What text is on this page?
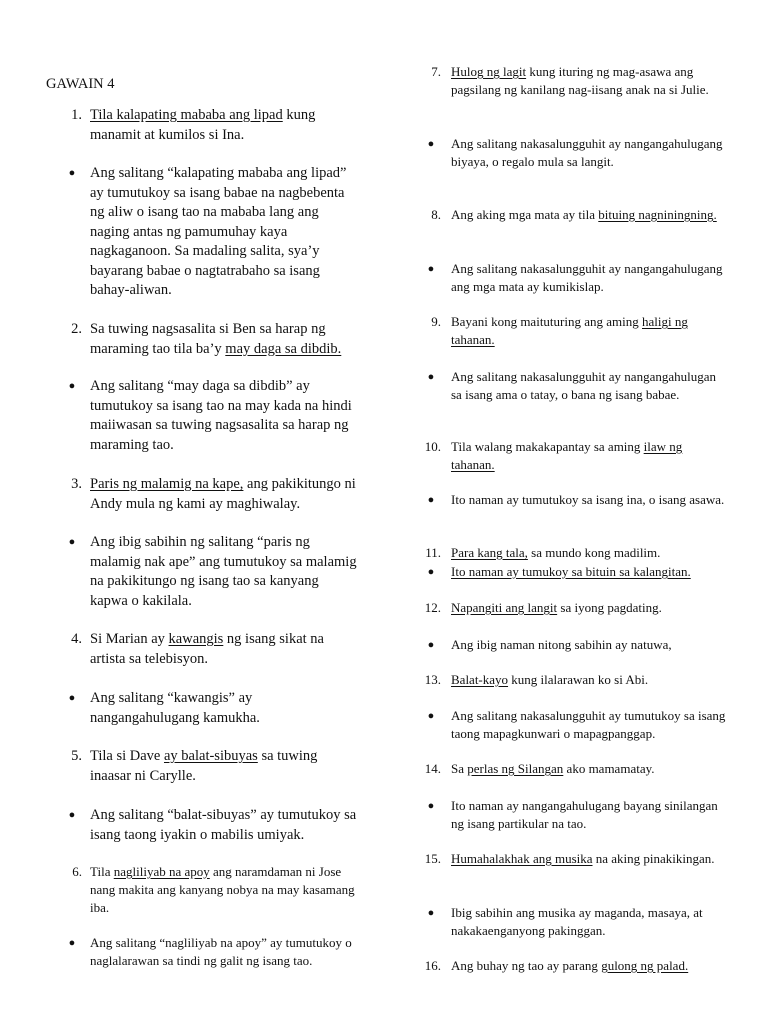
GAWAIN 4
1. Tila kalapating mababa ang lipad kung manamit at kumilos si Ina.
●	Ang salitang “kalapating mababa ang lipad” ay tumutukoy sa isang babae na nagbebenta ng aliw o isang tao na mababa lang ang naging antas ng pamumuhay kaya nagkaganoon. Sa madaling salita, sya’y bayarang babae o nagtatrabaho sa isang bahay-aliwan.
2. Sa tuwing nagsasalita si Ben sa harap ng maraming tao tila ba’y may daga sa dibdib.
●	Ang salitang “may daga sa dibdib” ay tumutukoy sa isang tao na may kada na hindi maiiwasan sa tuwing nagsasalita sa harap ng maraming tao.
3. Paris ng malamig na kape, ang pakikitungo ni Andy mula ng kami ay maghiwalay.
●	Ang ibig sabihin ng salitang “paris ng malamig nak ape” ang tumutukoy sa malamig na pakikitungo ng isang tao sa kanyang kapwa o kakilala.
4. Si Marian ay kawangis ng isang sikat na artista sa telebisyon.
●	Ang salitang “kawangis” ay nangangahulugang kamukha.
5. Tila si Dave ay balat-sibuyas sa tuwing inaasar ni Carylle.
●	Ang salitang “balat-sibuyas” ay tumutukoy sa isang taong iyakin o mabilis umiyak.
6. Tila nagliliyab na apoy ang naramdaman ni Jose nang makita ang kanyang nobya na may kasamang iba.
●	Ang salitang “nagliliyab na apoy” ay tumutukoy o naglalarawan sa tindi ng galit ng isang tao.
7. Hulog ng lagit kung ituring ng mag-asawa ang pagsilang ng kanilang nag-iisang anak na si Julie.
●	Ang salitang nakasalungguhit ay nangangahulugang biyaya, o regalo mula sa langit.
8. Ang aking mga mata ay tila bituing nagniningning.
●	Ang salitang nakasalungguhit ay nangangahulugang ang mga mata ay kumikislap.
9. Bayani kong maituturing ang aming haligi ng tahanan.
●	Ang salitang nakasalungguhit ay nangangahulugan sa isang ama o tatay, o bana ng isang babae.
10. Tila walang makakapantay sa aming ilaw ng tahanan.
●	Ito naman ay tumutukoy sa isang ina, o isang asawa.
11. Para kang tala, sa mundo kong madilim.
●	Ito naman ay tumukoy sa bituin sa kalangitan.
12. Napangiti ang langit sa iyong pagdating.
●	Ang ibig naman nitong sabihin ay natuwa,
13. Balat-kayo kung ilalarawan ko si Abi.
●	Ang salitang nakasalungguhit ay tumutukoy sa isang taong mapagkunwari o mapagpanggap.
14. Sa perlas ng Silangan ako mamamatay.
●	Ito naman ay nangangahulugang bayang sinilangan ng isang partikular na tao.
15. Humahalakhak ang musika na aking pinakikingan.
●	Ibig sabihin ang musika ay maganda, masaya, at nakakaenganyong pakinggan.
16. Ang buhay ng tao ay parang gulong ng palad.
